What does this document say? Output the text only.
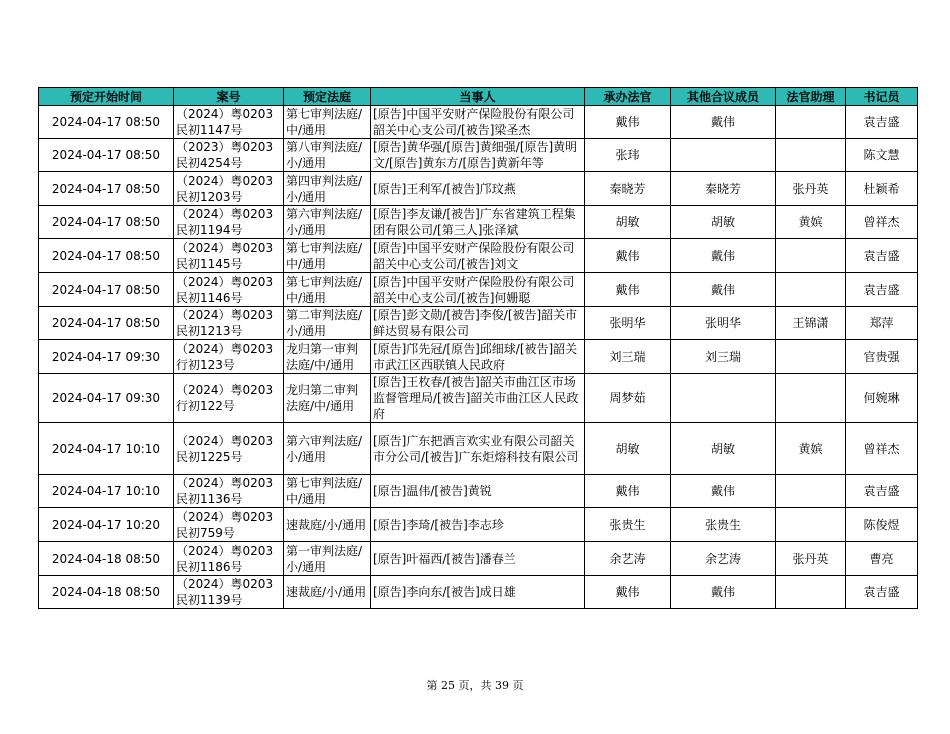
预定开始时间	案号	预定法庭	当事人	承办法官	其他合议成员	法官助理	书记员
2024-04-17 08:50	（2024）粤0203民初1147号	第七审判法庭/中/通用	[原告]中国平安财产保险股份有限公司韶关中心支公司/[被告]梁圣杰	戴伟	戴伟		袁吉盛
2024-04-17 08:50	（2023）粤0203民初4254号	第八审判法庭/小/通用	[原告]黄华强/[原告]黄细强/[原告]黄明文/[原告]黄东方/[原告]黄新年等	张玮			陈文慧
2024-04-17 08:50	（2024）粤0203民初1203号	第四审判法庭/小/通用	[原告]王利军/[被告]邝玟燕	秦晓芳	秦晓芳	张丹英	杜颖希
2024-04-17 08:50	（2024）粤0203民初1194号	第六审判法庭/小/通用	[原告]李友谦/[被告]广东省建筑工程集团有限公司/[第三人]张泽斌	胡敏	胡敏	黄嫔	曾祥杰
2024-04-17 08:50	（2024）粤0203民初1145号	第七审判法庭/中/通用	[原告]中国平安财产保险股份有限公司韶关中心支公司/[被告]刘文	戴伟	戴伟		袁吉盛
2024-04-17 08:50	（2024）粤0203民初1146号	第七审判法庭/中/通用	[原告]中国平安财产保险股份有限公司韶关中心支公司/[被告]何姗聪	戴伟	戴伟		袁吉盛
2024-04-17 08:50	（2024）粤0203民初1213号	第二审判法庭/小/通用	[原告]彭文勋/[被告]李俊/[被告]韶关市鲜达贸易有限公司	张明华	张明华	王锦潇	郑萍
2024-04-17 09:30	（2024）粤0203行初123号	龙归第一审判法庭/中/通用	[原告]邝先冠/[原告]邱细球/[被告]韶关市武江区西联镇人民政府	刘三瑞	刘三瑞		官贵强
2024-04-17 09:30	（2024）粤0203行初122号	龙归第二审判法庭/中/通用	[原告]王枚春/[被告]韶关市曲江区市场监督管理局/[被告]韶关市曲江区人民政府	周梦茹			何婉琳
2024-04-17 10:10	（2024）粤0203民初1225号	第六审判法庭/小/通用	[原告]广东把酒言欢实业有限公司韶关市分公司/[被告]广东炬熔科技有限公司	胡敏	胡敏	黄嫔	曾祥杰
2024-04-17 10:10	（2024）粤0203民初1136号	第七审判法庭/中/通用	[原告]温伟/[被告]黄锐	戴伟	戴伟		袁吉盛
2024-04-17 10:20	（2024）粤0203民初759号	速裁庭/小/通用	[原告]李琦/[被告]李志珍	张贵生	张贵生		陈俊煜
2024-04-18 08:50	（2024）粤0203民初1186号	第一审判法庭/小/通用	[原告]叶福西/[被告]潘春兰	余艺涛	余艺涛	张丹英	曹亮
2024-04-18 08:50	（2024）粤0203民初1139号	速裁庭/小/通用	[原告]李向东/[被告]成日雄	戴伟	戴伟		袁吉盛
第 25 页，共 39 页
